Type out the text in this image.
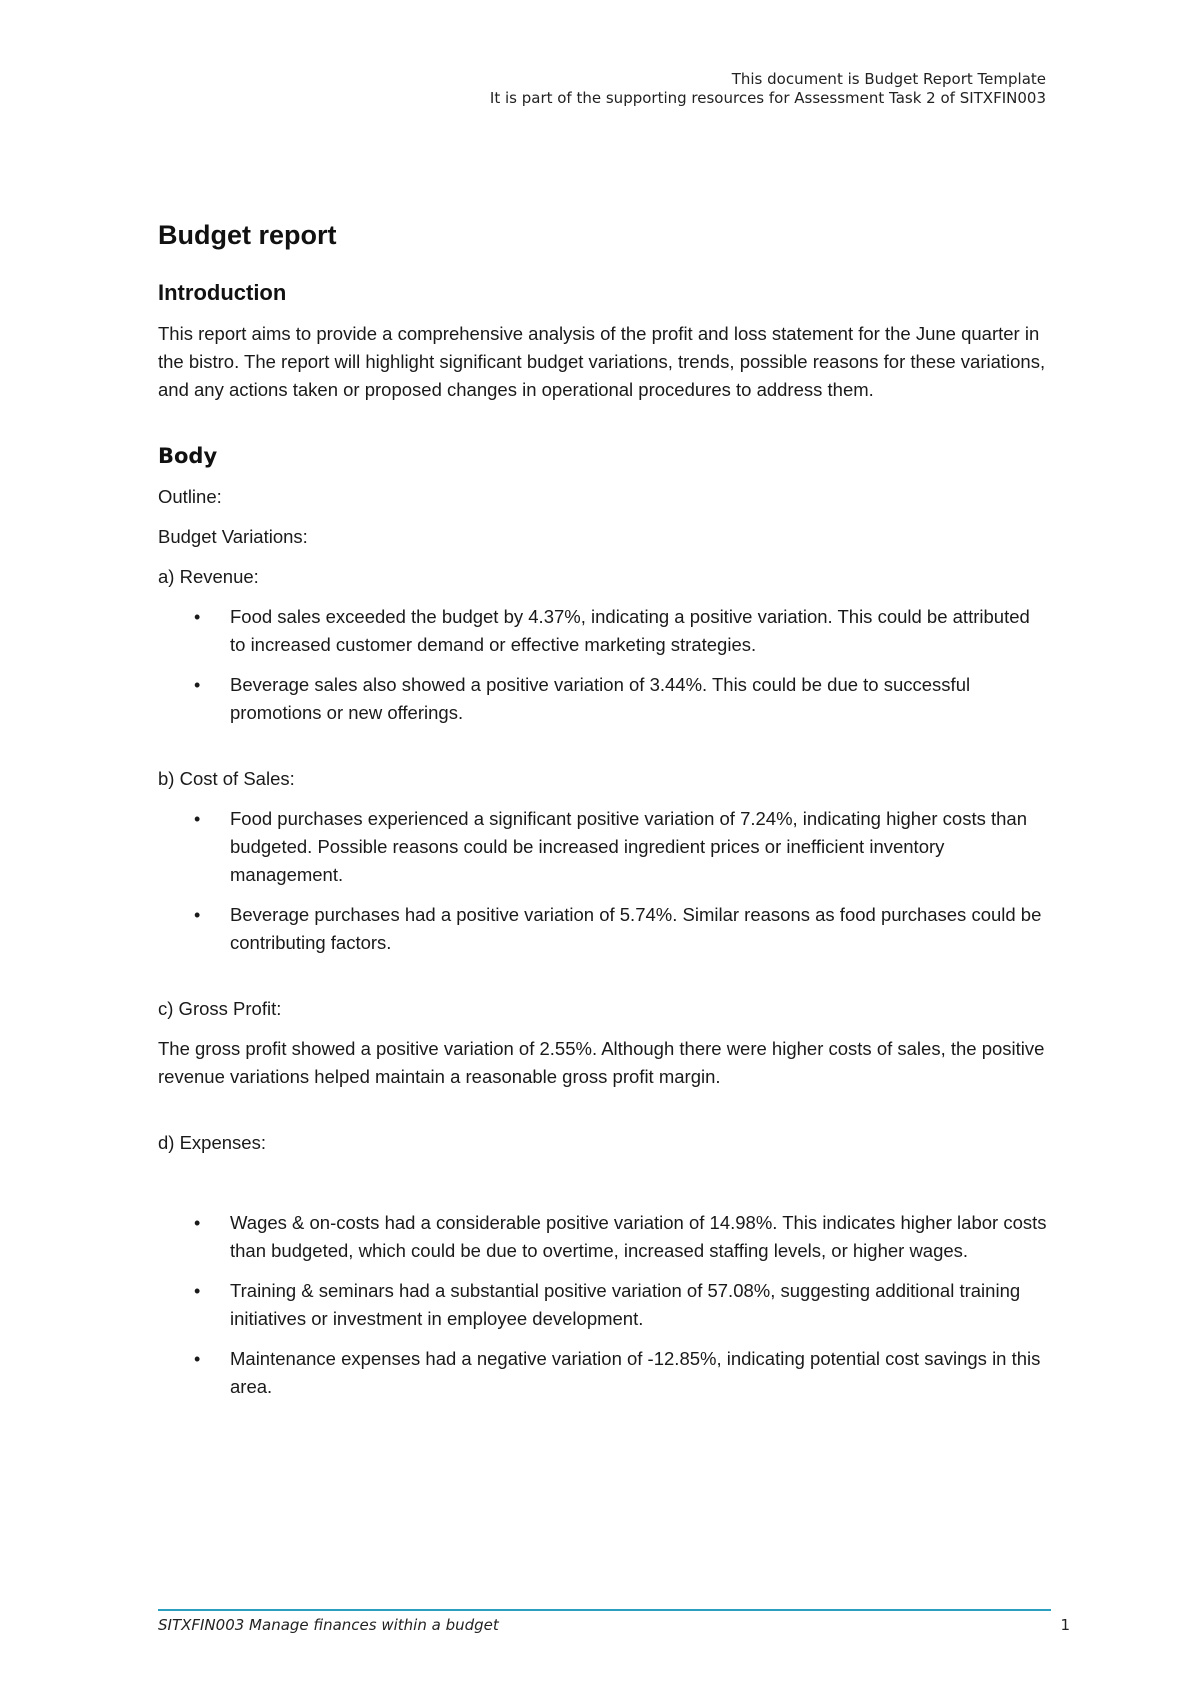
This document is Budget Report Template
It is part of the supporting resources for Assessment Task 2 of SITXFIN003
Budget report
Introduction

This report aims to provide a comprehensive analysis of the profit and loss statement for the June quarter in the bistro. The report will highlight significant budget variations, trends, possible reasons for these variations, and any actions taken or proposed changes in operational procedures to address them.

Body

Outline:

Budget Variations:

a) Revenue:

• Food sales exceeded the budget by 4.37%, indicating a positive variation. This could be attributed to increased customer demand or effective marketing strategies.
• Beverage sales also showed a positive variation of 3.44%. This could be due to successful promotions or new offerings.

b) Cost of Sales:

• Food purchases experienced a significant positive variation of 7.24%, indicating higher costs than budgeted. Possible reasons could be increased ingredient prices or inefficient inventory management.
• Beverage purchases had a positive variation of 5.74%. Similar reasons as food purchases could be contributing factors.

c) Gross Profit:

The gross profit showed a positive variation of 2.55%. Although there were higher costs of sales, the positive revenue variations helped maintain a reasonable gross profit margin.

d) Expenses:

• Wages & on-costs had a considerable positive variation of 14.98%. This indicates higher labor costs than budgeted, which could be due to overtime, increased staffing levels, or higher wages.
• Training & seminars had a substantial positive variation of 57.08%, suggesting additional training initiatives or investment in employee development.
• Maintenance expenses had a negative variation of -12.85%, indicating potential cost savings in this area.
SITXFIN003 Manage finances within a budget	1
